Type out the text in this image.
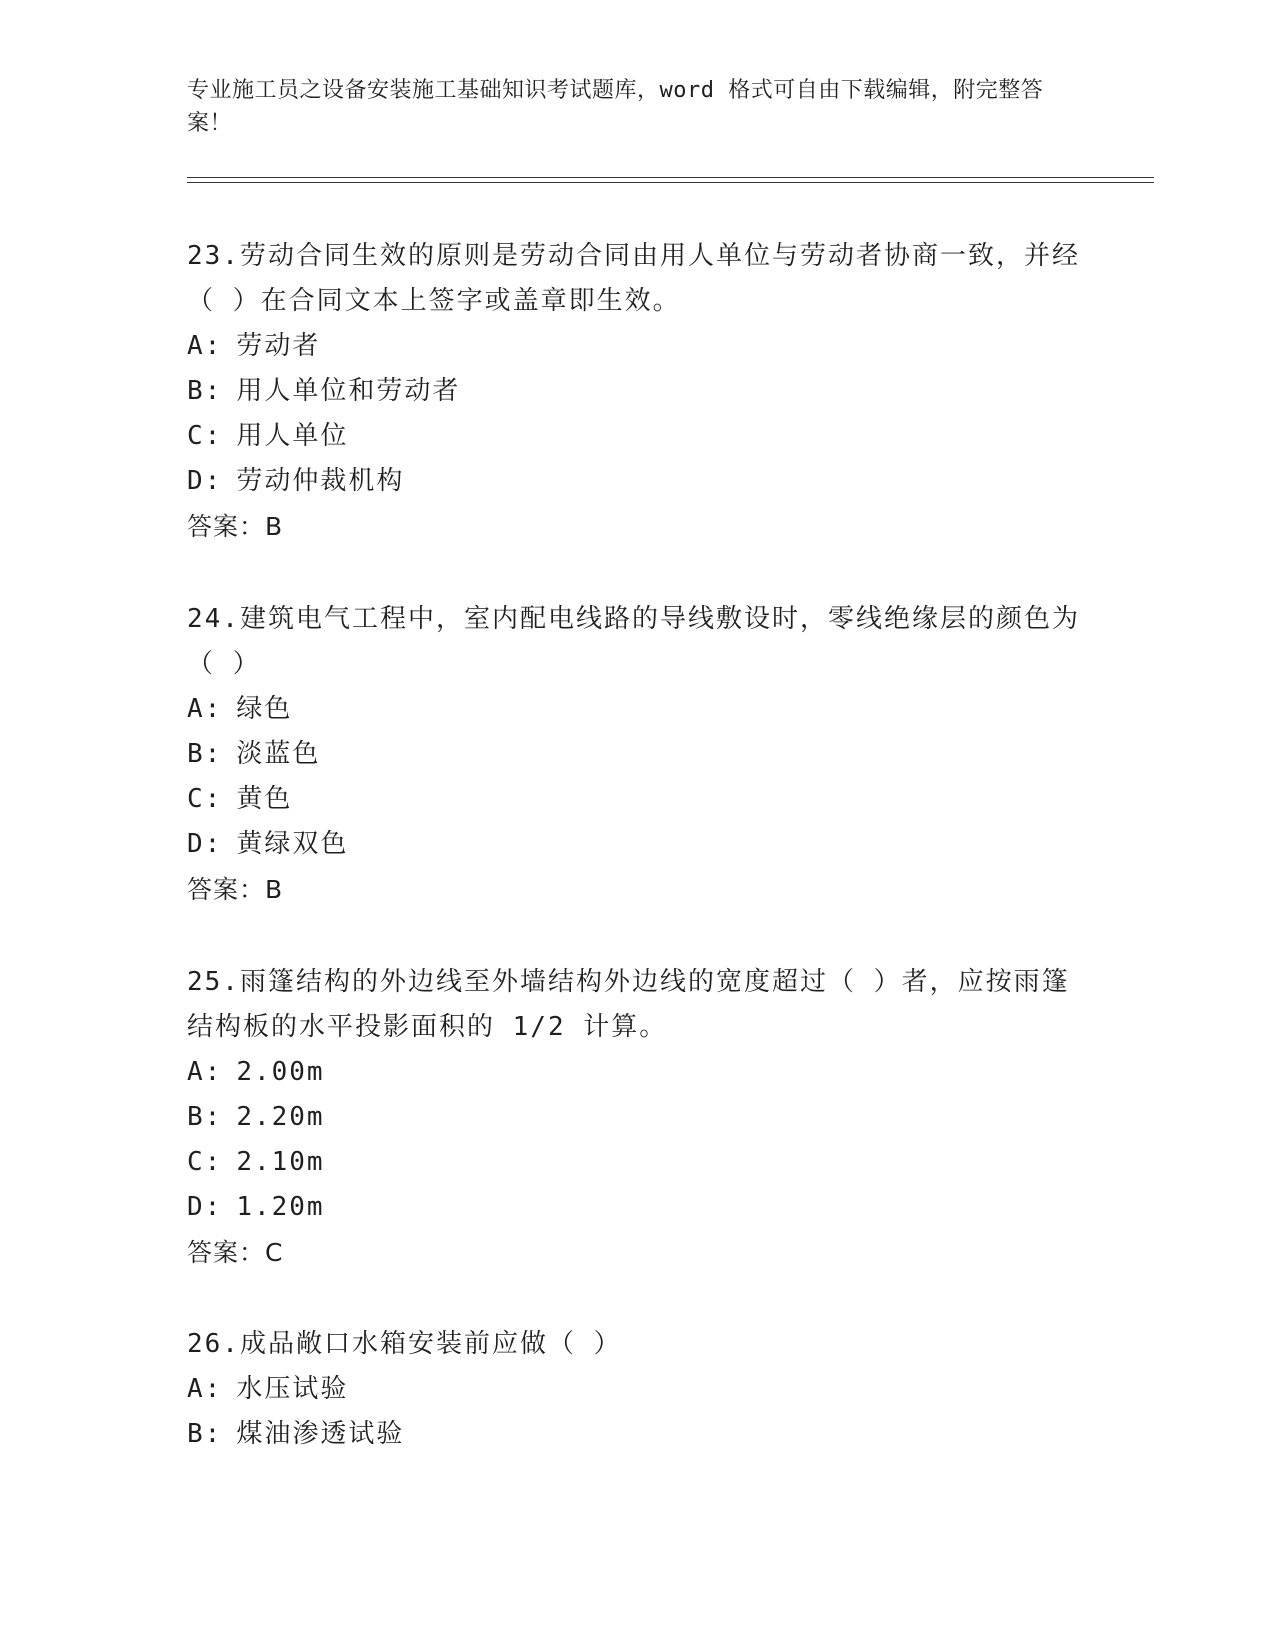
专业施工员之设备安装施工基础知识考试题库，word 格式可自由下载编辑，附完整答案！

23.劳动合同生效的原则是劳动合同由用人单位与劳动者协商一致，并经（ ）在合同文本上签字或盖章即生效。

A: 劳动者

B: 用人单位和劳动者

C: 用人单位

D: 劳动仲裁机构

答案：B

24.建筑电气工程中，室内配电线路的导线敷设时，零线绝缘层的颜色为（ ）

A: 绿色

B: 淡蓝色

C: 黄色

D: 黄绿双色

答案：B

25.雨篷结构的外边线至外墙结构外边线的宽度超过（ ）者，应按雨篷结构板的水平投影面积的 1/2 计算。

A: 2.00m

B: 2.20m

C: 2.10m

D: 1.20m

答案：C

26.成品敞口水箱安装前应做（ ）

A: 水压试验

B: 煤油渗透试验
